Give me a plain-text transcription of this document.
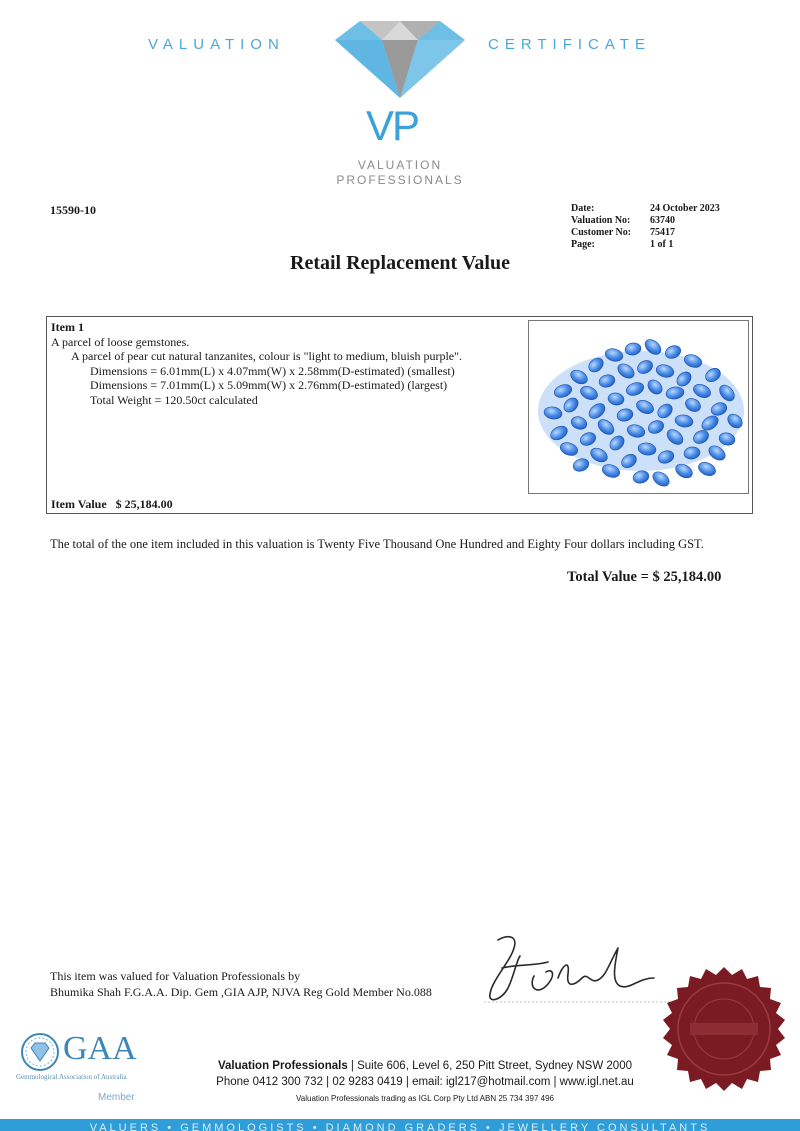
VALUATION	CERTIFICATE
VP
VALUATION
PROFESSIONALS
15590-10	Date:	24 October 2023
Valuation No:	63740
Customer No:	75417
Page:	1 of 1
Retail Replacement Value
Item 1
A parcel of loose gemstones.
A parcel of pear cut natural tanzanites, colour is "light to medium, bluish purple".
Dimensions = 6.01mm(L) x 4.07mm(W) x 2.58mm(D-estimated) (smallest)
Dimensions = 7.01mm(L) x 5.09mm(W) x 2.76mm(D-estimated) (largest)
Total Weight = 120.50ct calculated
Item Value $ 25,184.00
The total of the one item included in this valuation is Twenty Five Thousand One Hundred and Eighty Four dollars including GST.
Total Value = $ 25,184.00
This item was valued for Valuation Professionals by
Bhumika Shah F.G.A.A. Dip. Gem ,GIA AJP, NJVA Reg Gold Member No.088
GAA
Gemmological Association of Australia
Member
Valuation Professionals | Suite 606, Level 6, 250 Pitt Street, Sydney NSW 2000
Phone 0412 300 732 | 02 9283 0419 | email: igl217@hotmail.com | www.igl.net.au
Valuation Professionals trading as IGL Corp Pty Ltd ABN 25 734 397 496
VALUERS • GEMMOLOGISTS • DIAMOND GRADERS • JEWELLERY CONSULTANTS
